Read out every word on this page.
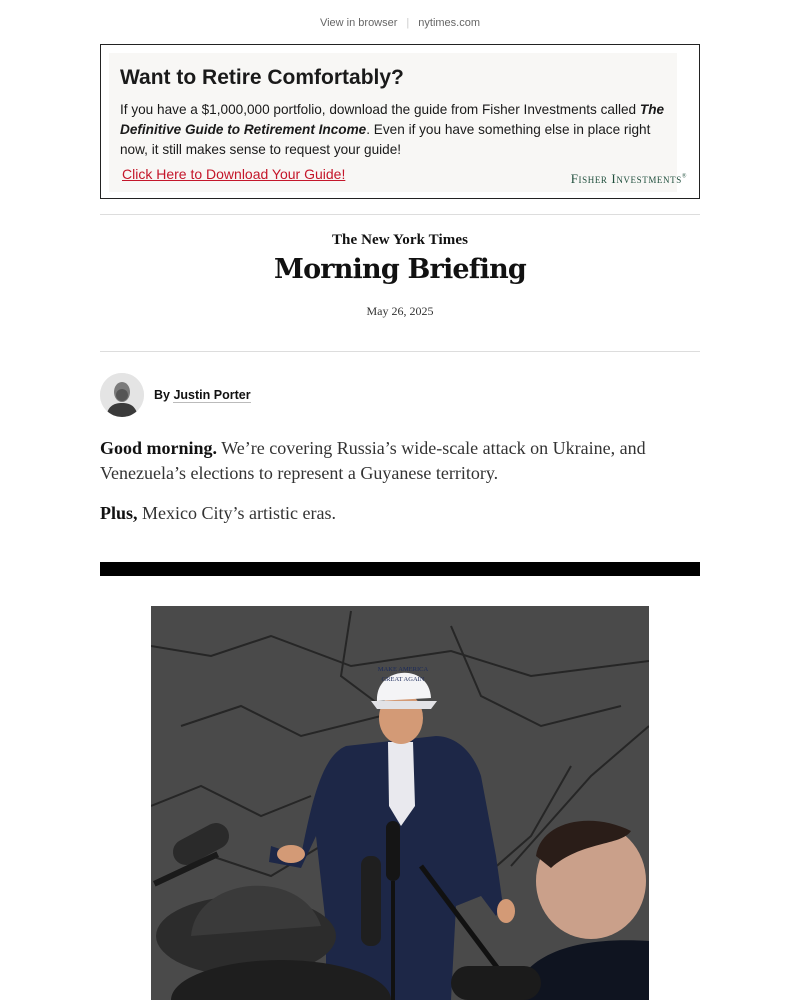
View in browser | nytimes.com
Want to Retire Comfortably?
If you have a $1,000,000 portfolio, download the guide from Fisher Investments called The Definitive Guide to Retirement Income. Even if you have something else in place right now, it still makes sense to request your guide!
Click Here to Download Your Guide!	Fisher Investments®
The New York Times
Morning Briefing
May 26, 2025
By Justin Porter

Good morning. We’re covering Russia’s wide-scale attack on Ukraine, and Venezuela’s elections to represent a Guyanese territory.

Plus, Mexico City’s artistic eras.

MAKE AMERICA
GREAT AGAIN
